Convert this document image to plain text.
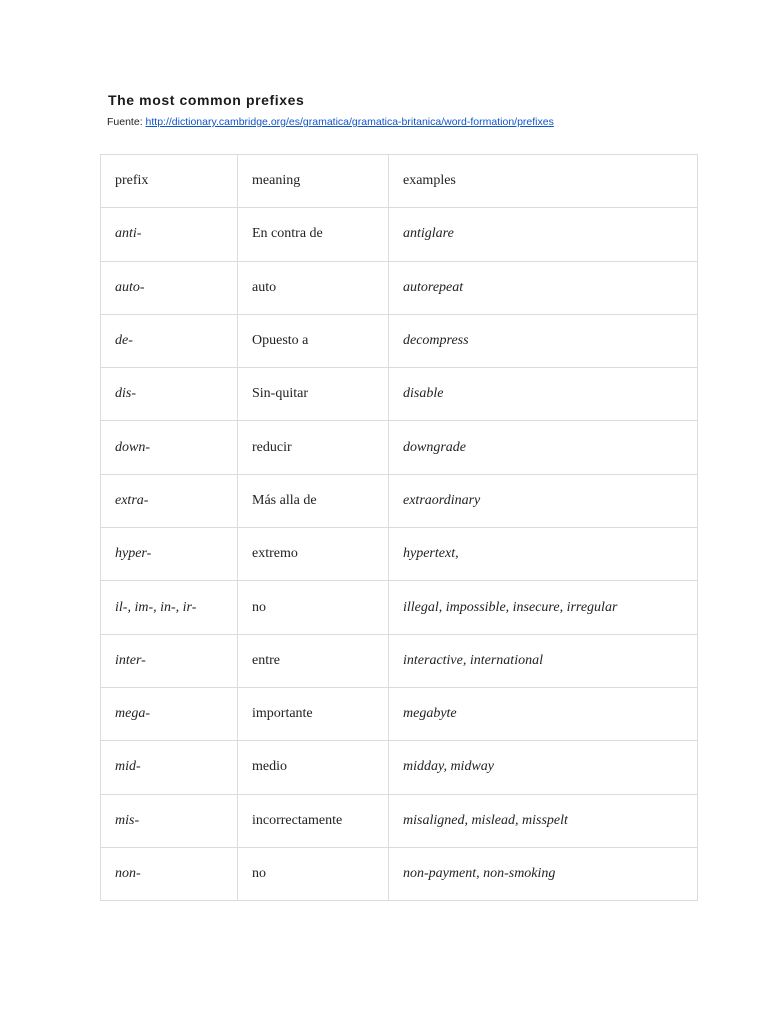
The most common prefixes
Fuente: http://dictionary.cambridge.org/es/gramatica/gramatica-britanica/word-formation/prefixes
prefix	meaning	examples
anti-	En contra de	antiglare
auto-	auto	autorepeat
de-	Opuesto a	decompress
dis-	Sin-quitar	disable
down-	reducir	downgrade
extra-	Más alla de	extraordinary
hyper-	extremo	hypertext,
il-, im-, in-, ir-	no	illegal, impossible, insecure, irregular
inter-	entre	interactive, international
mega-	importante	megabyte
mid-	medio	midday, midway
mis-	incorrectamente	misaligned, mislead, misspelt
non-	no	non-payment, non-smoking
